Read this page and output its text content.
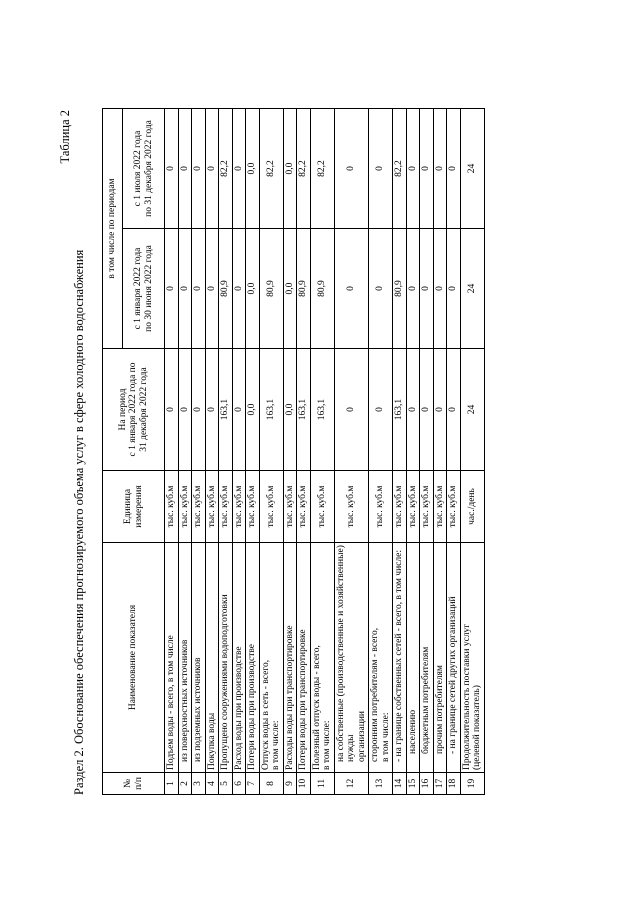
Раздел 2. Обоснование обеспечения прогнозируемого объема услуг в сфере холодного водоснабжения
Таблица 2
№
п/п	Наименование показателя	Единица
измерения	На период
с 1 января 2022 года по
31 декабря 2022 года	в том числе по периодам	
				с 1 января 2022 года
по 30 июня 2022 года	с 1 июля 2022 года
по 31 декабря 2022 года
1	Подъем воды - всего, в том числе	тыс. куб.м	0	0	0
2	из поверхностных источников	тыс. куб.м	0	0	0
3	из подземных источников	тыс. куб.м	0	0	0
4	Покупка воды	тыс. куб.м	0	0	0
5	Пропущено сооружениями водоподготовки	тыс. куб.м	163,1	80,9	82,2
6	Расход воды при производстве	тыс. куб.м	0	0	0
7	Потери воды при производстве	тыс. куб.м	0,0	0,0	0,0
8	Отпуск воды в сеть - всего,
в том числе:	тыс. куб.м	163,1	80,9	82,2
9	Расходы воды при транспортировке	тыс. куб.м	0,0	0,0	0,0
10	Потери воды при транспортировке	тыс. куб.м	163,1	80,9	82,2
11	Полезный отпуск воды - всего,
в том числе:	тыс. куб.м	163,1	80,9	82,2
12	на собственные (производственные и хозяйственные) нужды
организации	тыс. куб.м	0	0	0
13	сторонним потребителям - всего,
в том числе:	тыс. куб.м	0	0	0
14	- на границе собственных сетей - всего, в том числе:	тыс. куб.м	163,1	80,9	82,2
15	населению	тыс. куб.м	0	0	0
16	бюджетным потребителям	тыс. куб.м	0	0	0
17	прочим потребителям	тыс. куб.м	0	0	0
18	- на границе сетей других организаций	тыс. куб.м	0	0	0
19	Продолжительность поставки услуг
(целевой показатель)	час./день	24	24	24
